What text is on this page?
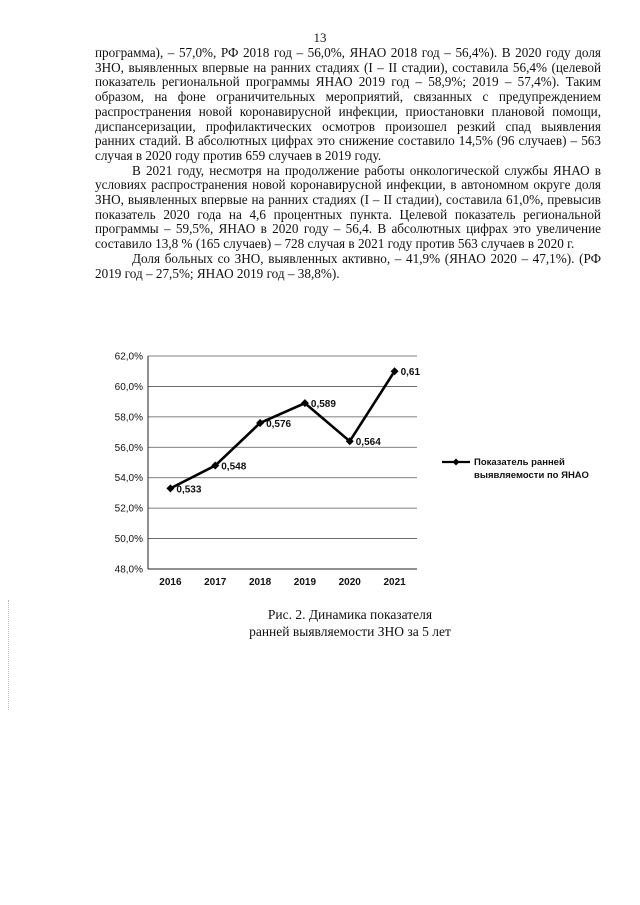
13

программа), – 57,0%, РФ 2018 год – 56,0%, ЯНАО 2018 год – 56,4%). В 2020 году доля ЗНО, выявленных впервые на ранних стадиях (I – II стадии), составила 56,4% (целевой показатель региональной программы ЯНАО 2019 год – 58,9%; 2019 – 57,4%). Таким образом, на фоне ограничительных мероприятий, связанных с предупреждением распространения новой коронавирусной инфекции, приостановки плановой помощи, диспансеризации, профилактических осмотров произошел резкий спад выявления ранних стадий. В абсолютных цифрах это снижение составило 14,5% (96 случаев) – 563 случая в 2020 году против 659 случаев в 2019 году.

В 2021 году, несмотря на продолжение работы онкологической службы ЯНАО в условиях распространения новой коронавирусной инфекции, в автономном округе доля ЗНО, выявленных впервые на ранних стадиях (I – II стадии), составила 61,0%, превысив показатель 2020 года на 4,6 процентных пункта. Целевой показатель региональной программы – 59,5%, ЯНАО в 2020 году – 56,4. В абсолютных цифрах это увеличение составило 13,8 % (165 случаев) – 728 случая в 2021 году против 563 случаев в 2020 г.

Доля больных со ЗНО, выявленных активно, – 41,9% (ЯНАО 2020 – 47,1%). (РФ 2019 год – 27,5%; ЯНАО 2019 год – 38,8%).

62,0%
60,0%
58,0%
56,0%
54,0%
52,0%
50,0%
48,0%
2016 2017 2018 2019 2020 2021
0,533
0,548
0,576
0,589
0,564
0,61
Показатель ранней
выявляемости по ЯНАО
Рис. 2. Динамика показателя
ранней выявляемости ЗНО за 5 лет
